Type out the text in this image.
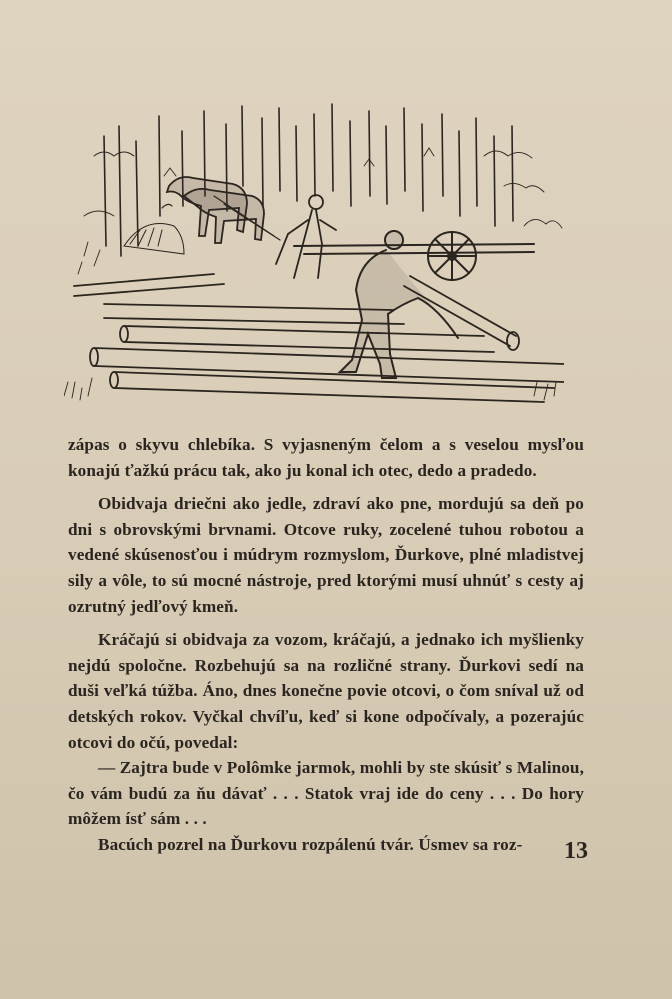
zápas o skyvu chlebíka. S vyjasneným čelom a s veselou mysľou konajú ťažkú prácu tak, ako ju konal ich otec, dedo a pradedo.

Obidvaja driečni ako jedle, zdraví ako pne, mordujú sa deň po dni s obrovskými brvnami. Otcove ruky, zocelené tuhou robotou a vedené skúsenosťou i múdrym rozmyslom, Ďurkove, plné mladistvej sily a vôle, to sú mocné nástroje, pred ktorými musí uhnúť s cesty aj ozrutný jedľový kmeň.

Kráčajú si obidvaja za vozom, kráčajú, a jednako ich myšlienky nejdú spoločne. Rozbehujú sa na rozličné strany. Ďurkovi sedí na duši veľká túžba. Áno, dnes konečne povie otcovi, o čom sníval už od detských rokov. Vyčkal chvíľu, keď si kone odpočívaly, a pozerajúc otcovi do očú, povedal:

— Zajtra bude v Polômke jarmok, mohli by ste skúsiť s Malinou, čo vám budú za ňu dávať . . . Statok vraj ide do ceny . . . Do hory môžem ísť sám . . .

Bacúch pozrel na Ďurkovu rozpálenú tvár. Úsmev sa roz-	13
